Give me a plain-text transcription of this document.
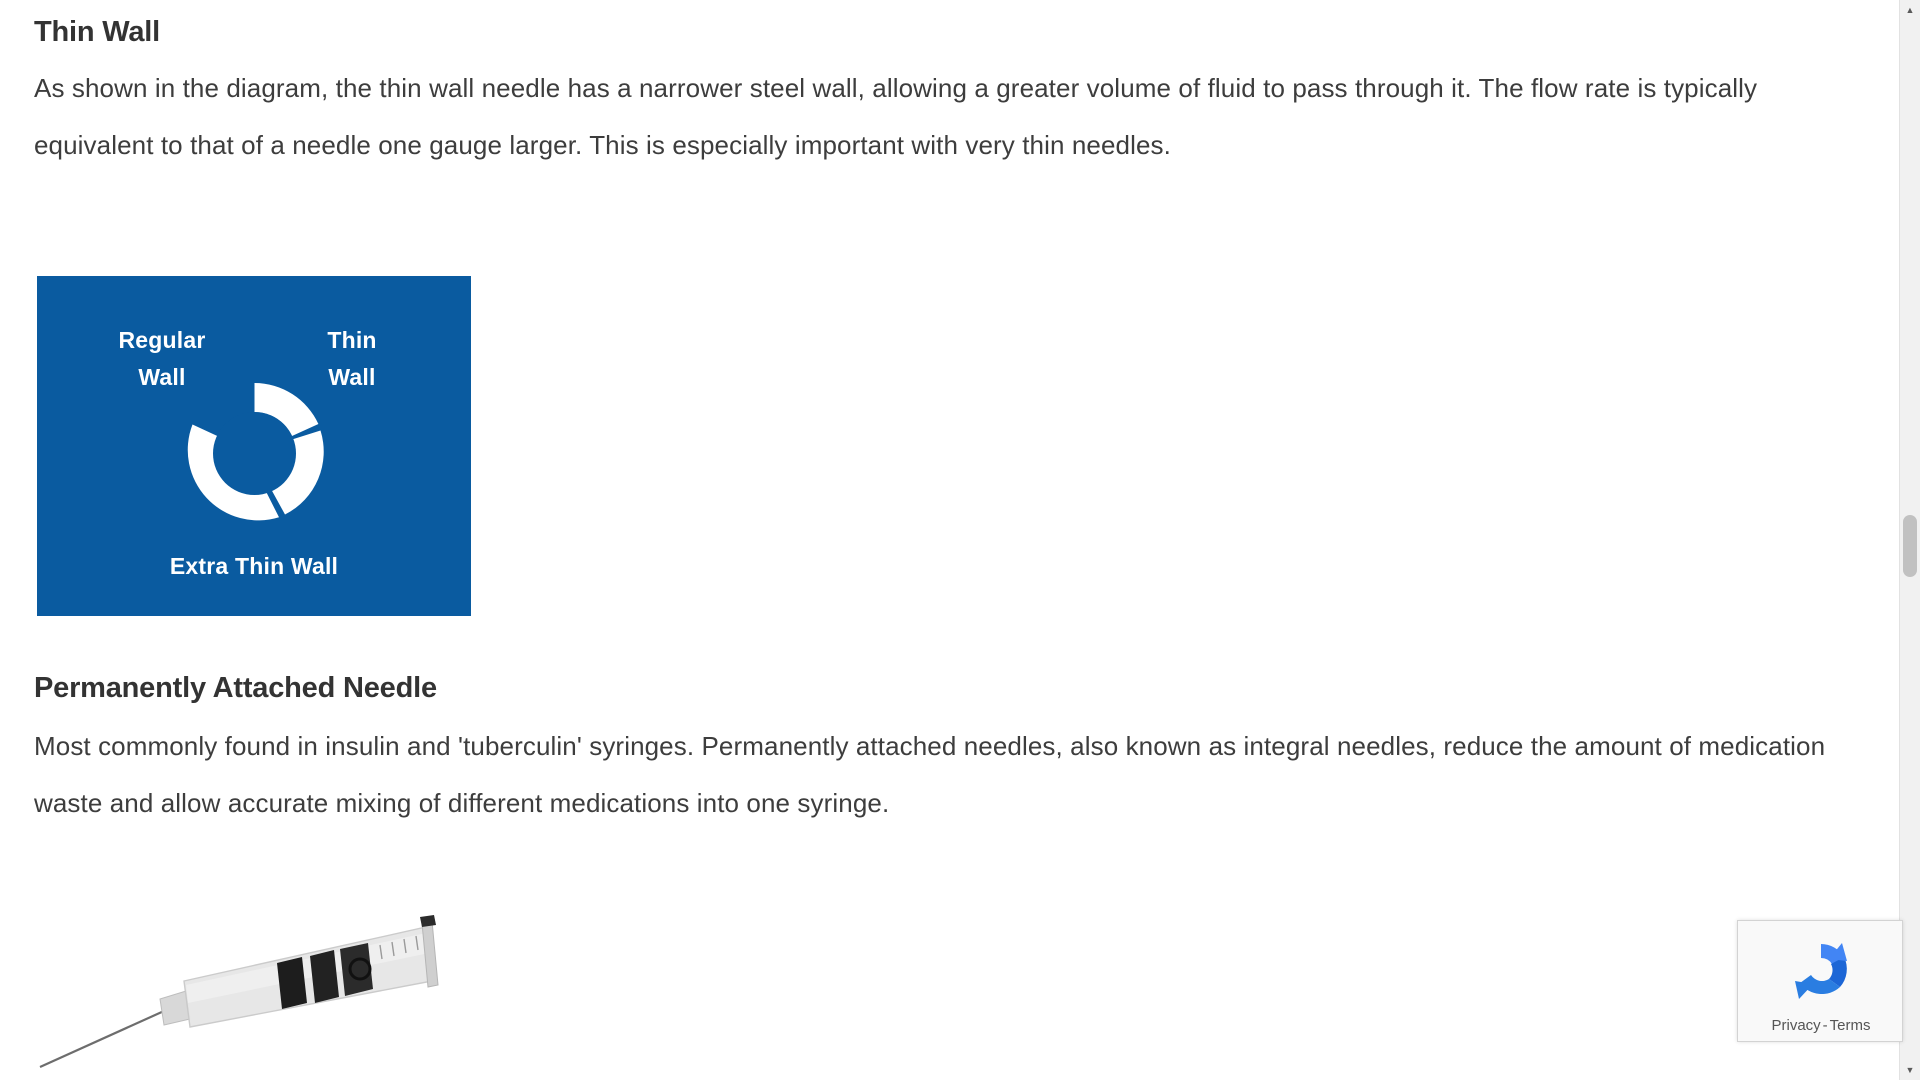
Thin Wall

As shown in the diagram, the thin wall needle has a narrower steel wall, allowing a greater volume of fluid to pass through it. The flow rate is typically equivalent to that of a needle one gauge larger. This is especially important with very thin needles.

Regular
Wall
Thin
Wall
Extra Thin Wall
Permanently Attached Needle

Most commonly found in insulin and 'tuberculin' syringes. Permanently attached needles, also known as integral needles, reduce the amount of medication waste and allow accurate mixing of different medications into one syringe.

▲
▼
Privacy - Terms
